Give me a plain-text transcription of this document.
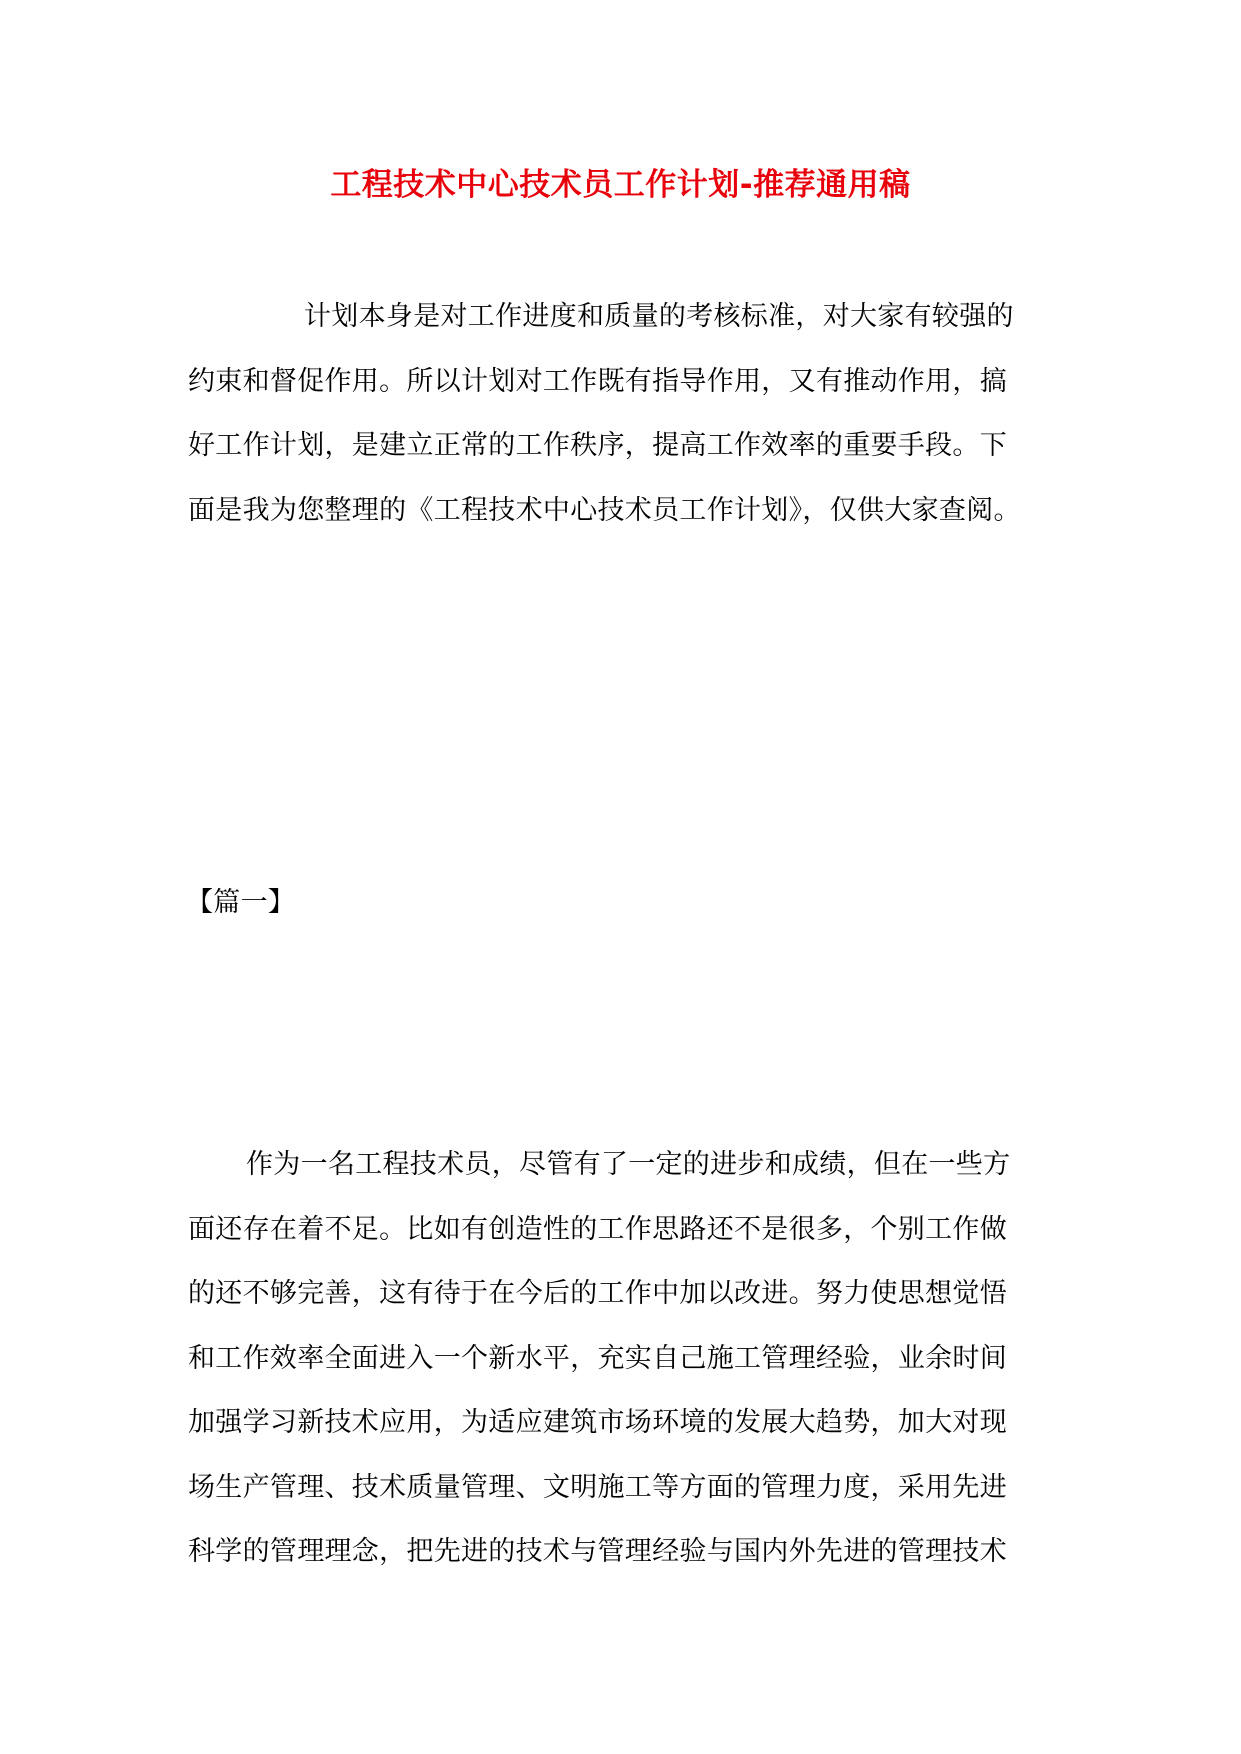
工程技术中心技术员工作计划-推荐通用稿

计划本身是对工作进度和质量的考核标准，对大家有较强的
约束和督促作用。所以计划对工作既有指导作用，又有推动作用，搞
好工作计划，是建立正常的工作秩序，提高工作效率的重要手段。下
面是我为您整理的《工程技术中心技术员工作计划》，仅供大家查阅。

【篇一】

作为一名工程技术员，尽管有了一定的进步和成绩，但在一些方
面还存在着不足。比如有创造性的工作思路还不是很多，个别工作做
的还不够完善，这有待于在今后的工作中加以改进。努力使思想觉悟
和工作效率全面进入一个新水平，充实自己施工管理经验，业余时间
加强学习新技术应用，为适应建筑市场环境的发展大趋势，加大对现
场生产管理、技术质量管理、文明施工等方面的管理力度，采用先进
科学的管理理念，把先进的技术与管理经验与国内外先进的管理技术
